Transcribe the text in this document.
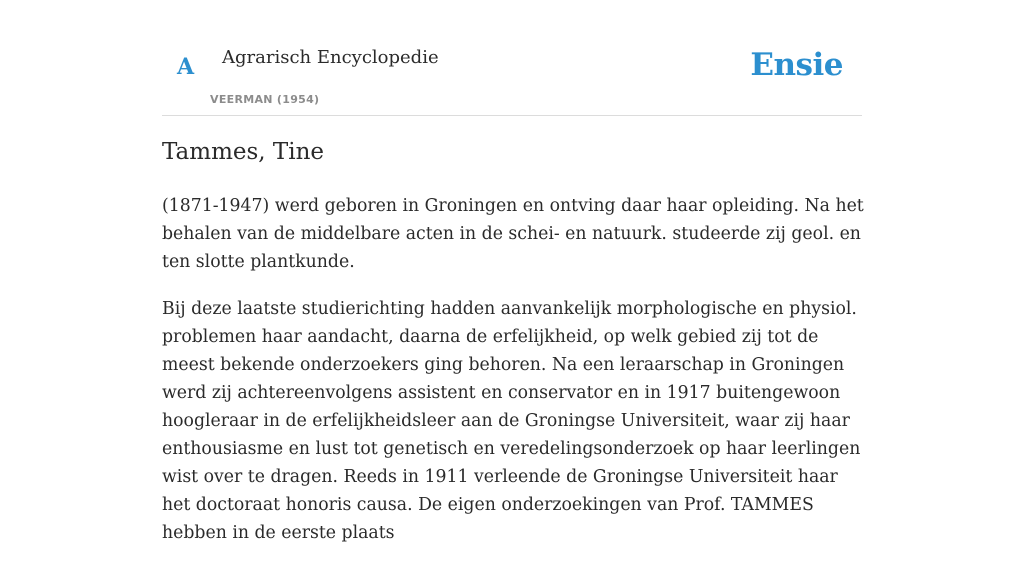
A Agrarisch Encyclopedie
VEERMAN (1954)
Ensie
Tammes, Tine

(1871-1947) werd geboren in Groningen en ontving daar haar opleiding. Na het behalen van de middelbare acten in de schei- en natuurk. studeerde zij geol. en ten slotte plantkunde.

Bij deze laatste studierichting hadden aanvankelijk morphologische en physiol. problemen haar aandacht, daarna de erfelijkheid, op welk gebied zij tot de meest bekende onderzoekers ging behoren. Na een leraarschap in Groningen werd zij achtereenvolgens assistent en conservator en in 1917 buitengewoon hoogleraar in de erfelijkheidsleer aan de Groningse Universiteit, waar zij haar enthousiasme en lust tot genetisch en veredelingsonderzoek op haar leerlingen wist over te dragen. Reeds in 1911 verleende de Groningse Universiteit haar het doctoraat honoris causa. De eigen onderzoekingen van Prof. TAMMES hebben in de eerste plaats
